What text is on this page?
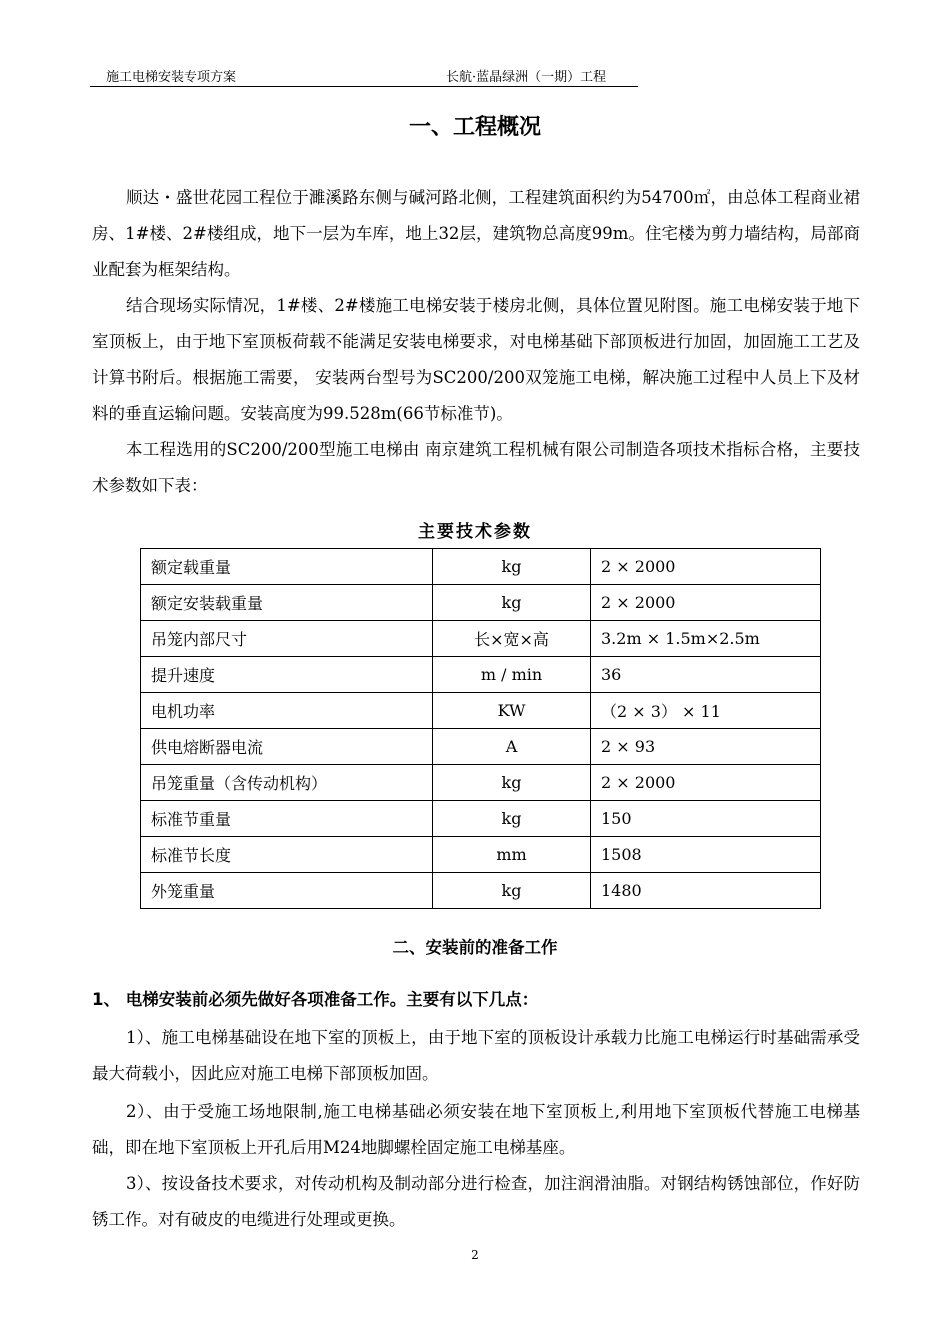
施工电梯安装专项方案	长航·蓝晶绿洲（一期）工程
一、工程概况
顺达・盛世花园工程位于濉溪路东侧与碱河路北侧，工程建筑面积约为54700㎡，由总体工程商业裙房、1#楼、2#楼组成，地下一层为车库，地上32层，建筑物总高度99m。住宅楼为剪力墙结构，局部商业配套为框架结构。
结合现场实际情况，1#楼、2#楼施工电梯安装于楼房北侧，具体位置见附图。施工电梯安装于地下室顶板上，由于地下室顶板荷载不能满足安装电梯要求，对电梯基础下部顶板进行加固，加固施工工艺及计算书附后。根据施工需要， 安装两台型号为SC200/200双笼施工电梯，解决施工过程中人员上下及材料的垂直运输问题。安装高度为99.528m(66节标准节)。
本工程选用的SC200/200型施工电梯由 南京建筑工程机械有限公司制造各项技术指标合格，主要技术参数如下表：
主要技术参数
额定载重量	kg	2 × 2000
额定安装载重量	kg	2 × 2000
吊笼内部尺寸	长×宽×高	3.2m × 1.5m×2.5m
提升速度	m / min	36
电机功率	KW	（2 × 3） × 11
供电熔断器电流	A	2 × 93
吊笼重量（含传动机构）	kg	2 × 2000
标准节重量	kg	150
标准节长度	mm	1508
外笼重量	kg	1480
二、安装前的准备工作
1、 电梯安装前必须先做好各项准备工作。主要有以下几点：
1）、施工电梯基础设在地下室的顶板上，由于地下室的顶板设计承载力比施工电梯运行时基础需承受最大荷载小，因此应对施工电梯下部顶板加固。
2）、由于受施工场地限制,施工电梯基础必须安装在地下室顶板上,利用地下室顶板代替施工电梯基础，即在地下室顶板上开孔后用M24地脚螺栓固定施工电梯基座。
3）、按设备技术要求，对传动机构及制动部分进行检查，加注润滑油脂。对钢结构锈蚀部位，作好防锈工作。对有破皮的电缆进行处理或更换。
2
